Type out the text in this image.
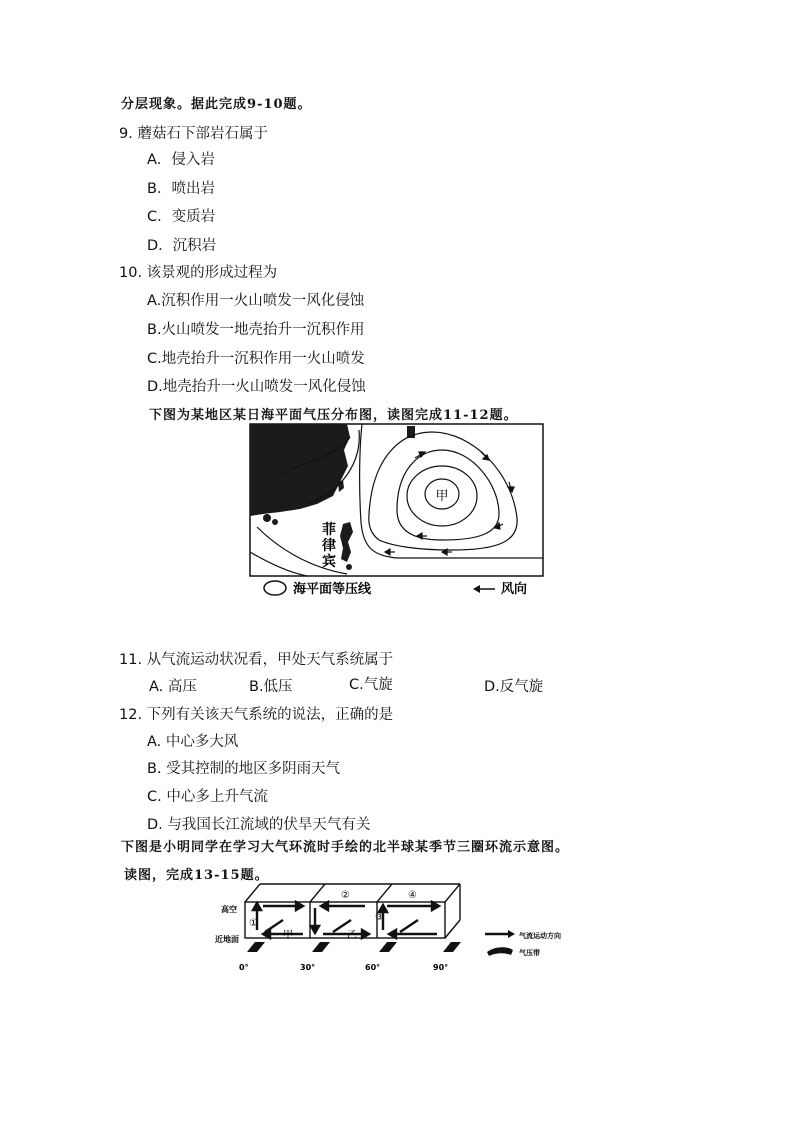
分层现象。据此完成9-10题。
9. 蘑菇石下部岩石属于
A．侵入岩
B．喷出岩
C．变质岩
D．沉积岩
10. 该景观的形成过程为
A.沉积作用一火山喷发一风化侵蚀
B.火山喷发一地壳抬升一沉积作用
C.地壳抬升一沉积作用一火山喷发
D.地壳抬升一火山喷发一风化侵蚀
下图为某地区某日海平面气压分布图，读图完成11-12题。
甲
菲
律
宾
海平面等压线	风向
11. 从气流运动状况看，甲处天气系统属于
A. 高压	B.低压	C.气旋	D.反气旋
12. 下列有关该天气系统的说法，正确的是
A. 中心多大风
B. 受其控制的地区多阴雨天气
C. 中心多上升气流
D. 与我国长江流域的伏旱天气有关
下图是小明同学在学习大气环流时手绘的北半球某季节三圈环流示意图。
读图，完成13-15题。
①
②
③
④
甲	乙
高空
近地面
0°	30°	60°	90°
气流运动方向
气压带
